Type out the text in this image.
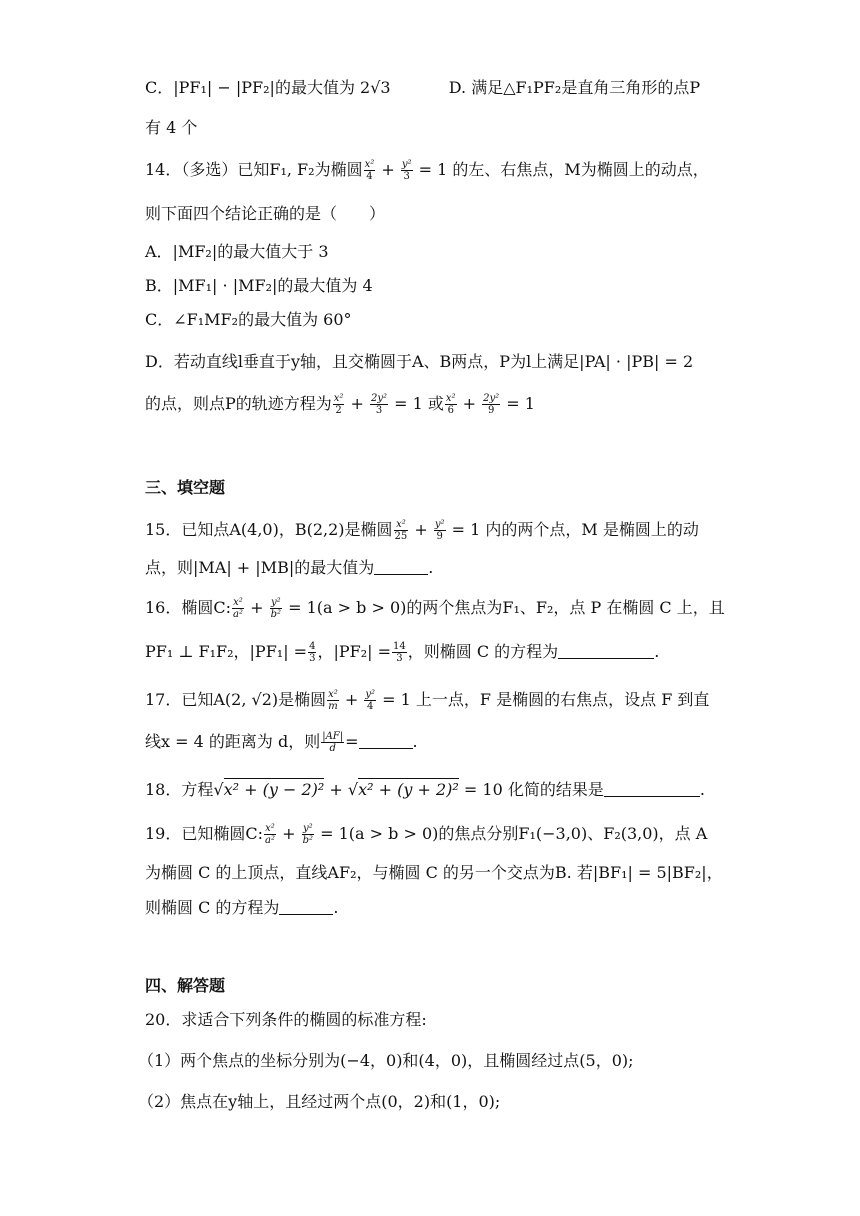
C．|PF₁| − |PF₂|的最大值为 2√3	D. 满足△F₁PF₂是直角三角形的点P
有 4 个
14．（多选）已知F₁, F₂为椭圆 $\frac{\text{x²}}{4} + \frac{\text{y²}}{3} = 1$ 的左、右焦点，M为椭圆上的动点，
则下面四个结论正确的是（　　）
A．|MF₂|的最大值大于 3
B．|MF₁| · |MF₂|的最大值为 4
C．∠F₁MF₂的最大值为 60°
D．若动直线l垂直于y轴，且交椭圆于A、B两点，P为l上满足|PA| · |PB| = 2
的点，则点P的轨迹方程为 $\frac{\text{x²}}{2} + \frac{\text{2y²}}{3} = 1$ 或 $\frac{\text{x²}}{6} + \frac{\text{2y²}}{9} = 1$
三、填空题
15．已知点A(4,0)，B(2,2)是椭圆 $\frac{\text{x²}}{25} + \frac{\text{y²}}{9} = 1$ 内的两个点，M 是椭圆上的动
点，则|MA| + |MB|的最大值为	.
16．椭圆C: $\frac{\text{x²}}{\text{a²}} + \frac{\text{y²}}{\text{b²}} = 1(a > b > 0)$的两个焦点为F₁、F₂，点 P 在椭圆 C 上，且
PF₁ ⊥ F₁F₂，$|PF_1| = \frac{4}{3}$ ，$|PF_2| = \frac{14}{3}$ ，则椭圆 C 的方程为	.
17．已知A(2, √2)是椭圆 $\frac{\text{x²}}{m} + \frac{\text{y²}}{4} = 1$ 上一点，F 是椭圆的右焦点，设点 F 到直
线x = 4 的距离为 d，则 $\frac{|AF|}{d}$ =	.
18．方程√x² + (y − 2)² + √x² + (y + 2)² = 10 化简的结果是	.
19．已知椭圆C: $\frac{\text{x²}}{\text{a²}} + \frac{\text{y²}}{\text{b²}} = 1(a > b > 0)$的焦点分别F₁(−3,0)、F₂(3,0)，点 A
为椭圆 C 的上顶点，直线AF₂，与椭圆 C 的另一个交点为B. 若|BF₁| = 5|BF₂|，
则椭圆 C 的方程为	.
四、解答题
20．求适合下列条件的椭圆的标准方程:
（1）两个焦点的坐标分别为(−4，0)和(4，0)，且椭圆经过点(5，0);
（2）焦点在y轴上，且经过两个点(0，2)和(1，0);
